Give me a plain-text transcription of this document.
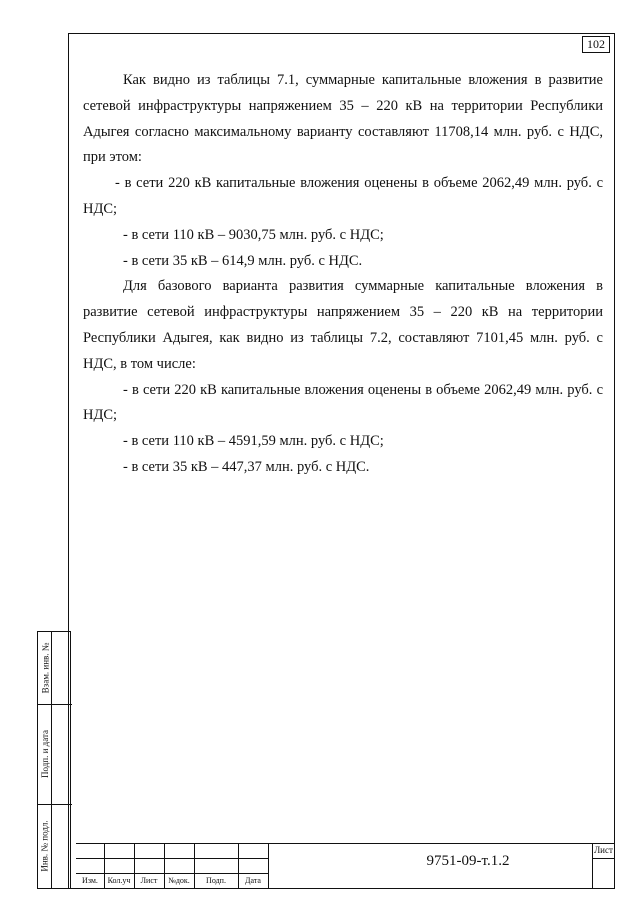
102

Как видно из таблицы 7.1, суммарные капитальные вложения в развитие сетевой инфраструктуры напряжением 35 – 220 кВ на территории Республики Адыгея согласно максимальному варианту составляют 11708,14 млн. руб. с НДС, при этом:

- в сети 220 кВ капитальные вложения оценены в объеме 2062,49 млн. руб. с НДС;

- в сети 110 кВ – 9030,75 млн. руб. с НДС;

- в сети 35 кВ – 614,9 млн. руб. с НДС.

Для базового варианта развития суммарные капитальные вложения в развитие сетевой инфраструктуры напряжением 35 – 220 кВ на территории Республики Адыгея, как видно из таблицы 7.2, составляют 7101,45 млн. руб. с НДС, в том числе:

- в сети 220 кВ капитальные вложения оценены в объеме 2062,49 млн. руб. с НДС;

- в сети 110 кВ – 4591,59 млн. руб. с НДС;

- в сети 35 кВ – 447,37 млн. руб. с НДС.

Взам. инв. №
Подп. и дата
Инв. № подл.
Изм.	Кол.уч	Лист	№док.	Подп.	Дата
9751-09-т.1.2
Лист
